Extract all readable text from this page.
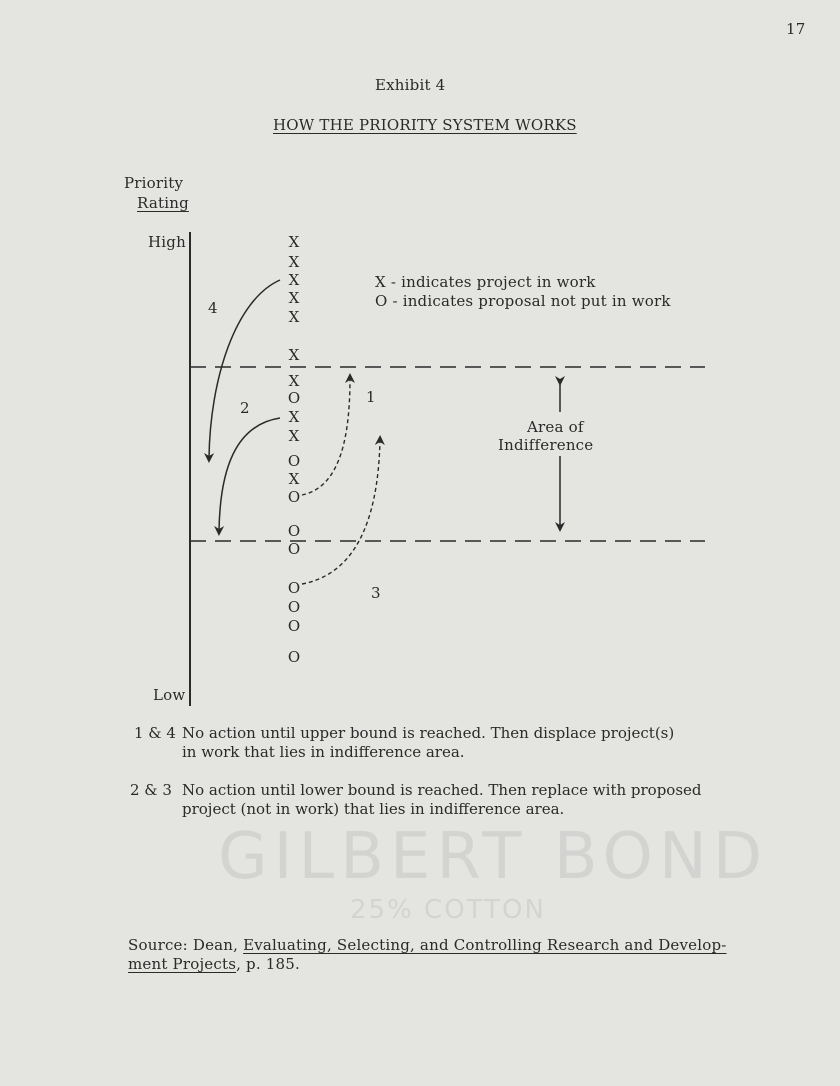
GILBERT BOND
25% COTTON
17
Exhibit 4
HOW THE PRIORITY SYSTEM WORKS
Priority
Rating
High
Low
X - indicates project in work
O - indicates proposal not put in work
Area of
Indifference
4
2
1
3
X
X
X
X
X
X
X
O
X
X
O
X
O
O
O
O
O
O
O
1 & 4 No action until upper bound is reached. Then displace project(s)
in work that lies in indifference area.
2 & 3 No action until lower bound is reached. Then replace with proposed
project (not in work) that lies in indifference area.
Source: Dean, Evaluating, Selecting, and Controlling Research and Develop-
ment Projects, p. 185.
